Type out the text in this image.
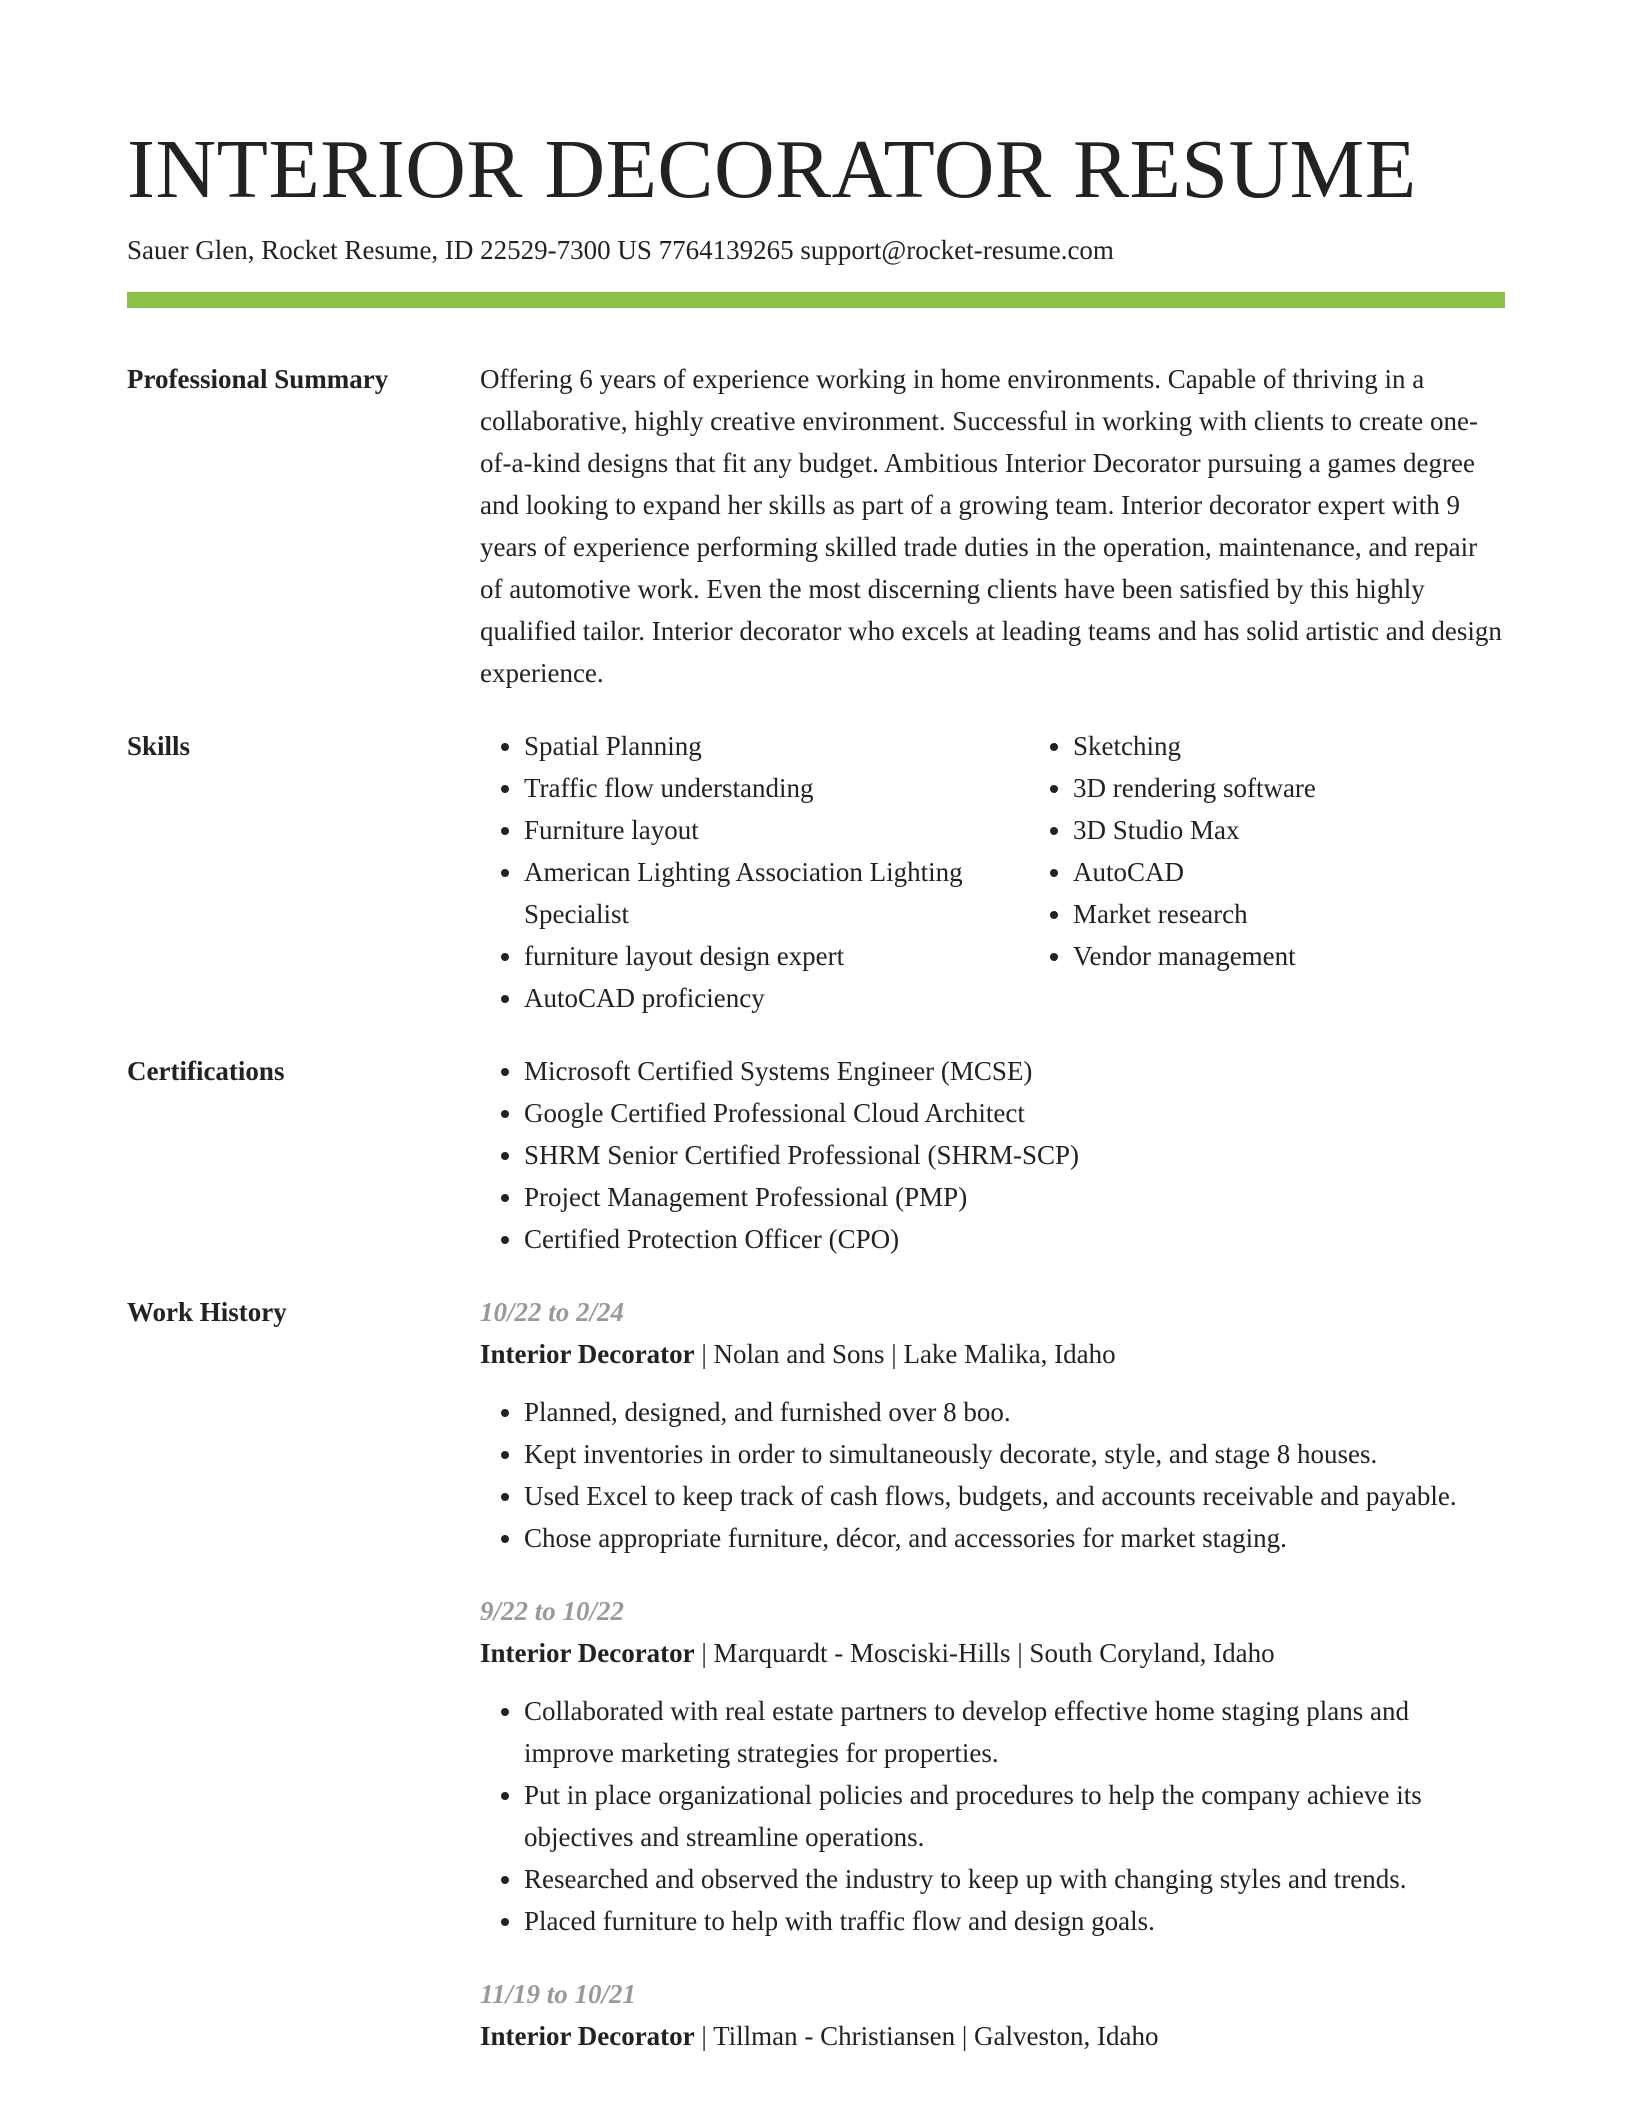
INTERIOR DECORATOR RESUME
Sauer Glen, Rocket Resume, ID 22529-7300 US 7764139265 support@rocket-resume.com
Professional Summary	Offering 6 years of experience working in home environments. Capable of thriving in a collaborative, highly creative environment. Successful in working with clients to create one-of-a-kind designs that fit any budget. Ambitious Interior Decorator pursuing a games degree and looking to expand her skills as part of a growing team. Interior decorator expert with 9 years of experience performing skilled trade duties in the operation, maintenance, and repair of automotive work. Even the most discerning clients have been satisfied by this highly qualified tailor. Interior decorator who excels at leading teams and has solid artistic and design experience.

Skills	• Spatial Planning
• Traffic flow understanding
• Furniture layout
• American Lighting Association Lighting Specialist
• furniture layout design expert
• AutoCAD proficiency
• Sketching
• 3D rendering software
• 3D Studio Max
• AutoCAD
• Market research
• Vendor management
Certifications	• Microsoft Certified Systems Engineer (MCSE)
• Google Certified Professional Cloud Architect
• SHRM Senior Certified Professional (SHRM-SCP)
• Project Management Professional (PMP)
• Certified Protection Officer (CPO)
Work History	10/22 to 2/24
Interior Decorator | Nolan and Sons | Lake Malika, Idaho
• Planned, designed, and furnished over 8 boo.
• Kept inventories in order to simultaneously decorate, style, and stage 8 houses.
• Used Excel to keep track of cash flows, budgets, and accounts receivable and payable.
• Chose appropriate furniture, décor, and accessories for market staging.
9/22 to 10/22
Interior Decorator | Marquardt - Mosciski-Hills | South Coryland, Idaho
• Collaborated with real estate partners to develop effective home staging plans and improve marketing strategies for properties.
• Put in place organizational policies and procedures to help the company achieve its objectives and streamline operations.
• Researched and observed the industry to keep up with changing styles and trends.
• Placed furniture to help with traffic flow and design goals.
11/19 to 10/21
Interior Decorator | Tillman - Christiansen | Galveston, Idaho
